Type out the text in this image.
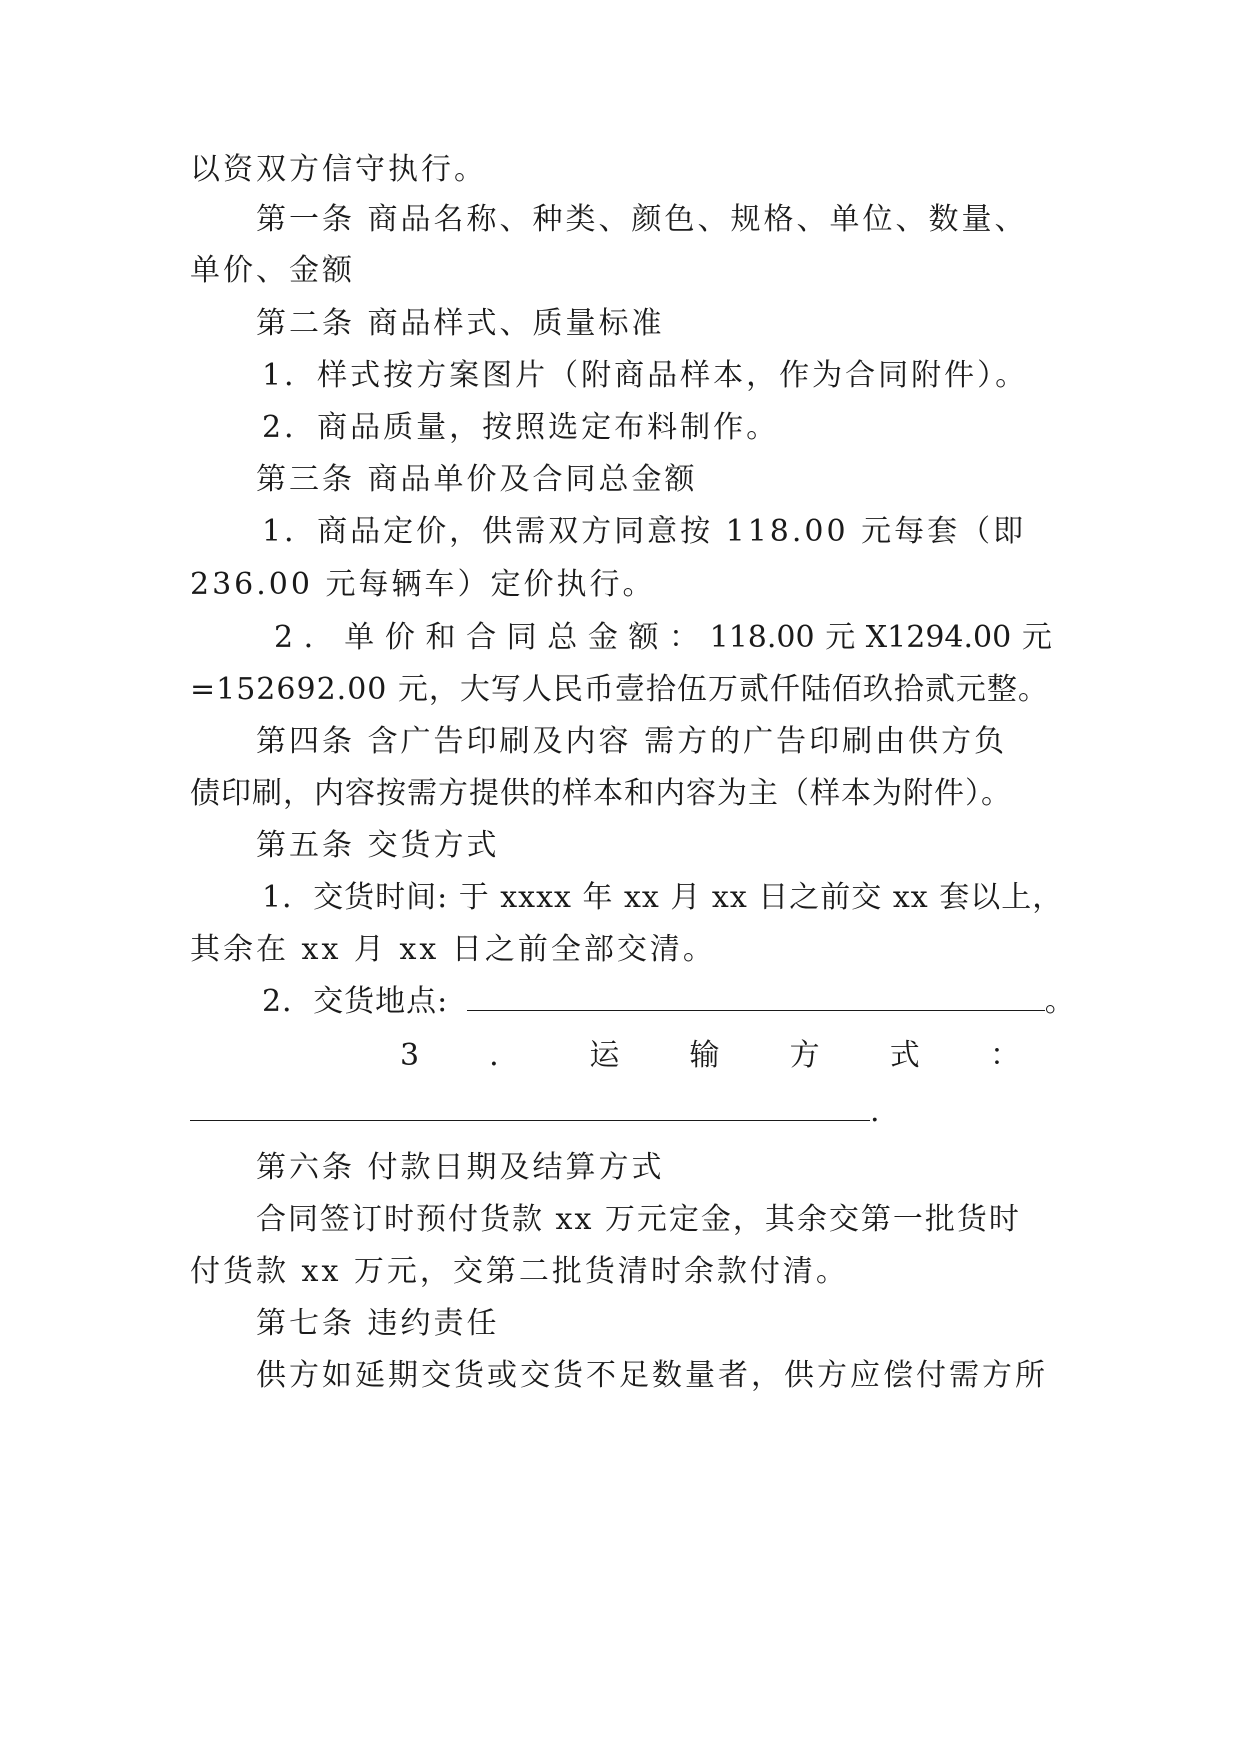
以资双方信守执行。
第一条 商品名称、种类、颜色、规格、单位、数量、
单价、金额
第二条 商品样式、质量标准
1．样式按方案图片（附商品样本，作为合同附件）。
2．商品质量，按照选定布料制作。
第三条 商品单价及合同总金额
1．商品定价，供需双方同意按 118.00 元每套（即
236.00 元每辆车）定价执行。
2 ． 单 价 和 合 同 总 金 额 ： 118.00 元 X1294.00 元
=152692.00 元，大写人民币壹拾伍万贰仟陆佰玖拾贰元整。
第四条 含广告印刷及内容 需方的广告印刷由供方负
债印刷，内容按需方提供的样本和内容为主（样本为附件）。
第五条 交货方式
1．交货时间: 于 xxxx 年 xx 月 xx 日之前交 xx 套以上，
其余在 xx 月 xx 日之前全部交清。
2．交货地点:	。
3 ． 运 输 方 式 ：
.
第六条 付款日期及结算方式
合同签订时预付货款 xx 万元定金，其余交第一批货时
付货款 xx 万元，交第二批货清时余款付清。
第七条 违约责任
供方如延期交货或交货不足数量者，供方应偿付需方所
